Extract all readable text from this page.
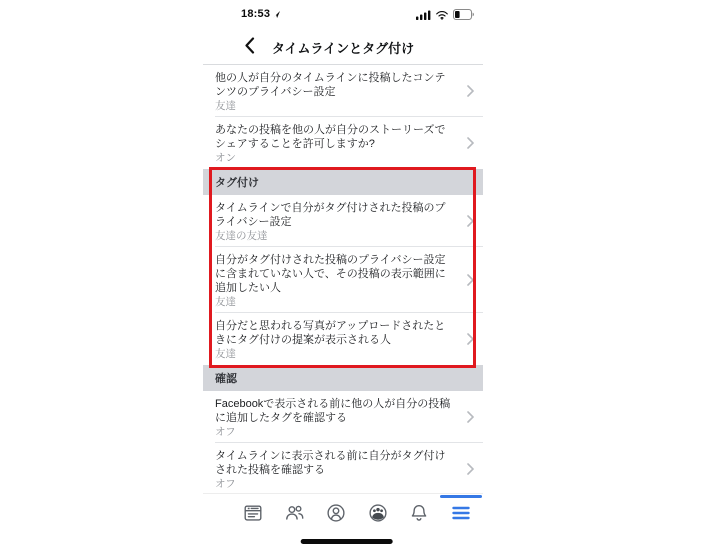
18:53
タイムラインとタグ付け
他の人が自分のタイムラインに投稿したコンテンツのプライバシー設定
友達
あなたの投稿を他の人が自分のストーリーズでシェアすることを許可しますか?
オン
タグ付け
タイムラインで自分がタグ付けされた投稿のプライバシー設定
友達の友達
自分がタグ付けされた投稿のプライバシー設定に含まれていない人で、その投稿の表示範囲に追加したい人
友達
自分だと思われる写真がアップロードされたときにタグ付けの提案が表示される人
友達
確認
Facebookで表示される前に他の人が自分の投稿に追加したタグを確認する
オフ
タイムラインに表示される前に自分がタグ付けされた投稿を確認する
オフ
